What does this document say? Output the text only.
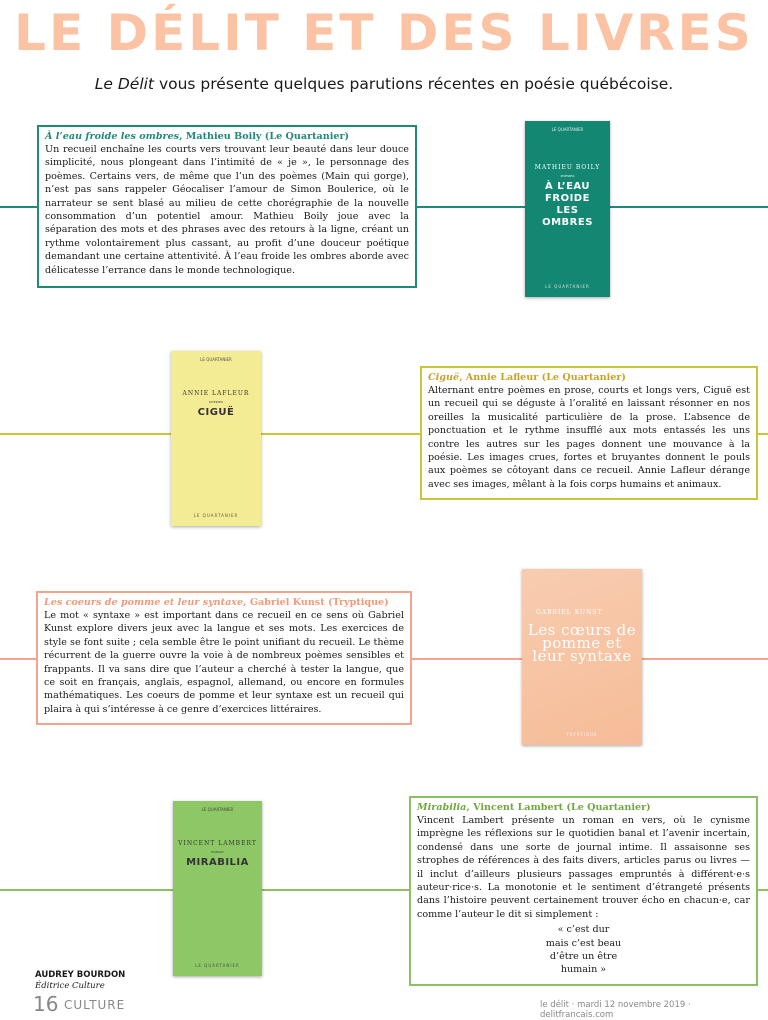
LE DÉLIT ET DES LIVRES
Le Délit vous présente quelques parutions récentes en poésie québécoise.
À l’eau froide les ombres, Mathieu Boily (Le Quartanier)

Un recueil enchaîne les courts vers trouvant leur beauté dans leur douce simplicité, nous plongeant dans l’intimité de « je », le personnage des poèmes. Certains vers, de même que l’un des poèmes (Main qui gorge), n’est pas sans rappeler Géocaliser l’amour de Simon Boulerice, où le narrateur se sent blasé au milieu de cette chorégraphie de la nouvelle consommation d’un potentiel amour. Mathieu Boily joue avec la séparation des mots et des phrases avec des retours à la ligne, créant un rythme volontairement plus cassant, au profit d’une douceur poétique demandant une certaine attentivité. À l’eau froide les ombres aborde avec délicatesse l’errance dans le monde technologique.

LE QUARTANIER
MATHIEU BOILY
POÈMES
À L’EAU FROIDE LES OMBRES
LE QUARTANIER
LE QUARTANIER
ANNIE LAFLEUR
POÈMES
CIGUË
LE QUARTANIER
Ciguë, Annie Lafleur (Le Quartanier)

Alternant entre poèmes en prose, courts et longs vers, Ciguë est un recueil qui se déguste à l’oralité en laissant résonner en nos oreilles la musicalité particulière de la prose. L’absence de ponctuation et le rythme insufflé aux mots entassés les uns contre les autres sur les pages donnent une mouvance à la poésie. Les images crues, fortes et bruyantes donnent le pouls aux poèmes se côtoyant dans ce recueil. Annie Lafleur dérange avec ses images, mêlant à la fois corps humains et animaux.

Les coeurs de pomme et leur syntaxe, Gabriel Kunst (Tryptique)

Le mot « syntaxe » est important dans ce recueil en ce sens où Gabriel Kunst explore divers jeux avec la langue et ses mots. Les exercices de style se font suite ; cela semble être le point unifiant du recueil. Le thème récurrent de la guerre ouvre la voie à de nombreux poèmes sensibles et frappants. Il va sans dire que l’auteur a cherché à tester la langue, que ce soit en français, anglais, espagnol, allemand, ou encore en formules mathématiques. Les coeurs de pomme et leur syntaxe est un recueil qui plaira à qui s’intéresse à ce genre d’exercices littéraires.

GABRIEL KUNST
Les cœurs de pomme et leur syntaxe
TRYPTIQUE
LE QUARTANIER
VINCENT LAMBERT
ROMAN
MIRABILIA
LE QUARTANIER
Mirabilia, Vincent Lambert (Le Quartanier)

Vincent Lambert présente un roman en vers, où le cynisme imprègne les réflexions sur le quotidien banal et l’avenir incertain, condensé dans une sorte de journal intime. Il assaisonne ses strophes de références à des faits divers, articles parus ou livres — il inclut d’ailleurs plusieurs passages empruntés à différent·e·s auteur·rice·s. La monotonie et le sentiment d’étrangeté présents dans l’histoire peuvent certainement trouver écho en chacun·e, car comme l’auteur le dit si simplement :

« c’est dur
mais c’est beau
d’être un être
humain »
AUDREY BOURDON
Éditrice Culture
16 CULTURE	le délit · mardi 12 novembre 2019 · delitfrancais.com
